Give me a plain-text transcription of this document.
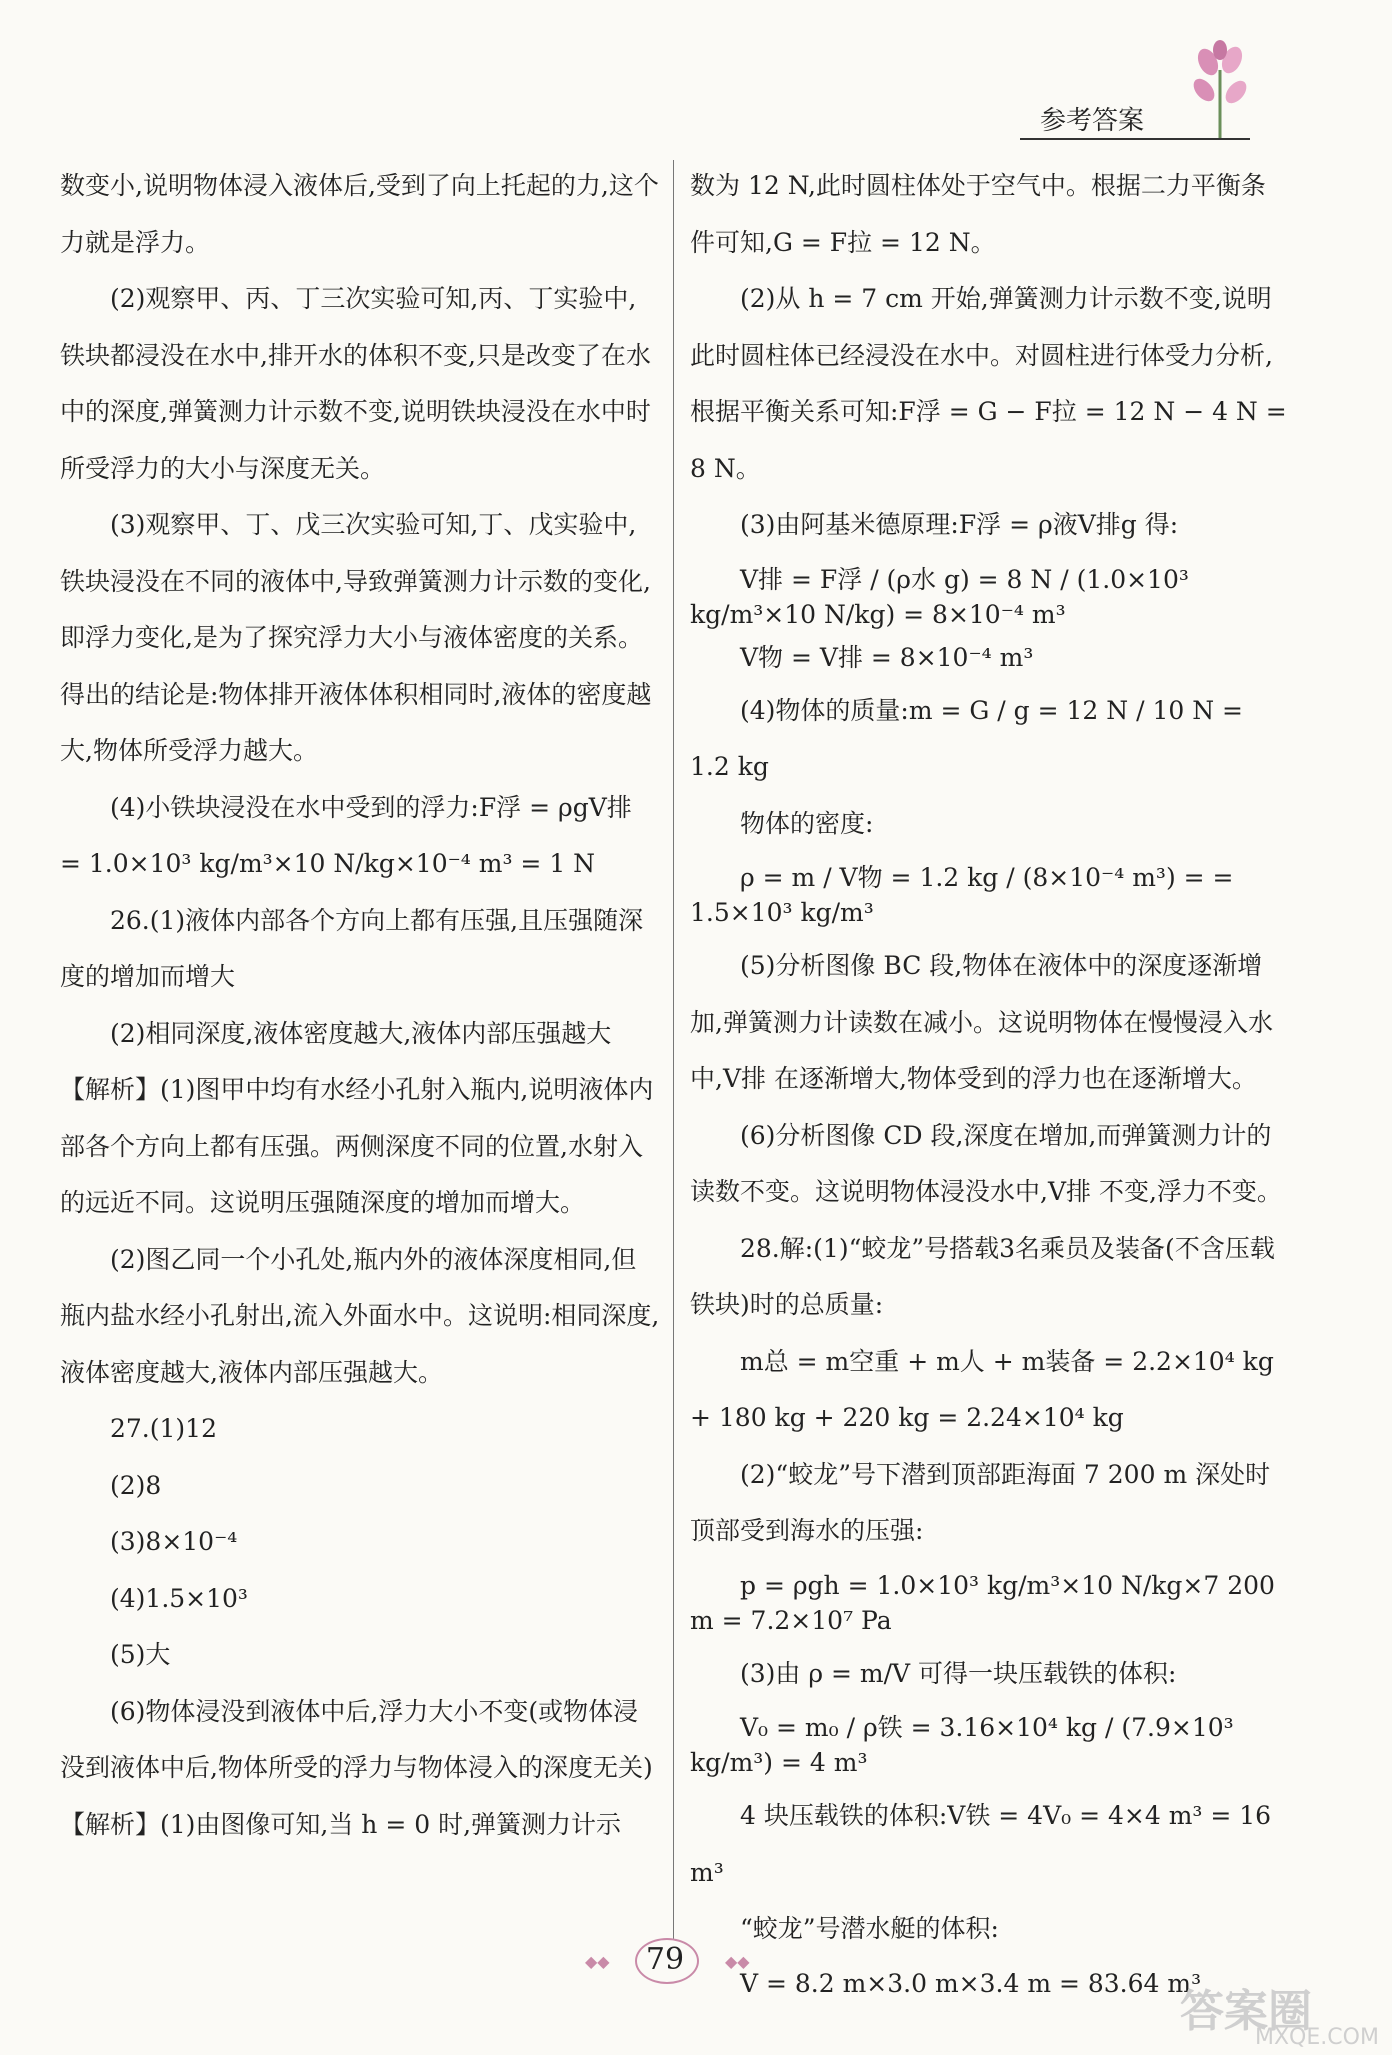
参考答案

数变小,说明物体浸入液体后,受到了向上托起的力,这个力就是浮力。

(2)观察甲、丙、丁三次实验可知,丙、丁实验中,铁块都浸没在水中,排开水的体积不变,只是改变了在水中的深度,弹簧测力计示数不变,说明铁块浸没在水中时所受浮力的大小与深度无关。

(3)观察甲、丁、戊三次实验可知,丁、戊实验中,铁块浸没在不同的液体中,导致弹簧测力计示数的变化,即浮力变化,是为了探究浮力大小与液体密度的关系。得出的结论是:物体排开液体体积相同时,液体的密度越大,物体所受浮力越大。

(4)小铁块浸没在水中受到的浮力:F浮 = ρgV排 = 1.0×10³ kg/m³×10 N/kg×10⁻⁴ m³ = 1 N

26.(1)液体内部各个方向上都有压强,且压强随深度的增加而增大

(2)相同深度,液体密度越大,液体内部压强越大

【解析】(1)图甲中均有水经小孔射入瓶内,说明液体内部各个方向上都有压强。两侧深度不同的位置,水射入的远近不同。这说明压强随深度的增加而增大。

(2)图乙同一个小孔处,瓶内外的液体深度相同,但瓶内盐水经小孔射出,流入外面水中。这说明:相同深度,液体密度越大,液体内部压强越大。

27.(1)12

(2)8

(3)8×10⁻⁴

(4)1.5×10³

(5)大

(6)物体浸没到液体中后,浮力大小不变(或物体浸没到液体中后,物体所受的浮力与物体浸入的深度无关)

【解析】(1)由图像可知,当 h = 0 时,弹簧测力计示

数为 12 N,此时圆柱体处于空气中。根据二力平衡条件可知,G = F拉 = 12 N。

(2)从 h = 7 cm 开始,弹簧测力计示数不变,说明此时圆柱体已经浸没在水中。对圆柱进行体受力分析,根据平衡关系可知:F浮 = G − F拉 = 12 N − 4 N = 8 N。

(3)由阿基米德原理:F浮 = ρ液V排g 得:

V排 = F浮 / (ρ水 g) = 8 N / (1.0×10³ kg/m³×10 N/kg) = 8×10⁻⁴ m³

V物 = V排 = 8×10⁻⁴ m³

(4)物体的质量:m = G / g = 12 N / 10 N = 1.2 kg

物体的密度:

ρ = m / V物 = 1.2 kg / (8×10⁻⁴ m³) = = 1.5×10³ kg/m³

(5)分析图像 BC 段,物体在液体中的深度逐渐增加,弹簧测力计读数在减小。这说明物体在慢慢浸入水中,V排 在逐渐增大,物体受到的浮力也在逐渐增大。

(6)分析图像 CD 段,深度在增加,而弹簧测力计的读数不变。这说明物体浸没水中,V排 不变,浮力不变。

28.解:(1)“蛟龙”号搭载3名乘员及装备(不含压载铁块)时的总质量:

m总 = m空重 + m人 + m装备 = 2.2×10⁴ kg + 180 kg + 220 kg = 2.24×10⁴ kg

(2)“蛟龙”号下潜到顶部距海面 7 200 m 深处时顶部受到海水的压强:

p = ρgh = 1.0×10³ kg/m³×10 N/kg×7 200 m = 7.2×10⁷ Pa

(3)由 ρ = m/V 可得一块压载铁的体积:

V₀ = m₀ / ρ铁 = 3.16×10⁴ kg / (7.9×10³ kg/m³) = 4 m³

4 块压载铁的体积:V铁 = 4V₀ = 4×4 m³ = 16 m³

“蛟龙”号潜水艇的体积:

V = 8.2 m×3.0 m×3.4 m = 83.64 m³

◆◆	79	◆◆
答案圈
MXQE.COM
